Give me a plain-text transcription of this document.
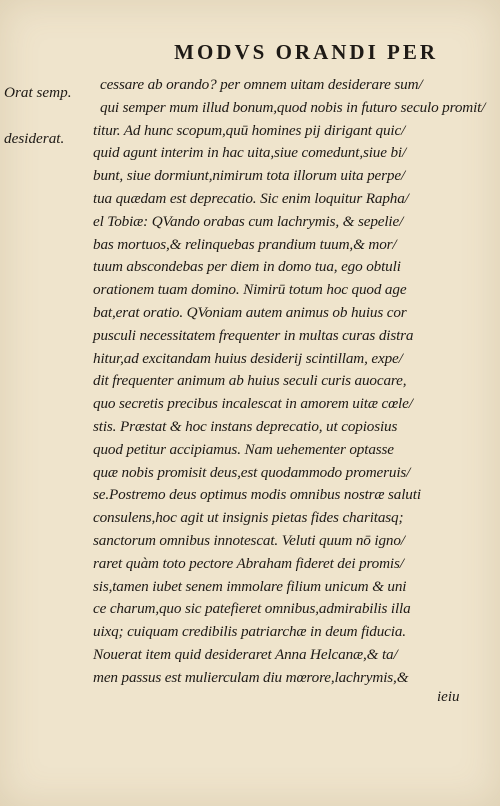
MODVS ORANDI PER
Orat semp.
desiderat.
cessare ab orando? per omnem uitam desiderare sum/
qui semper mum illud bonum,quod nobis in futuro seculo promit/
titur. Ad hunc scopum,quū homines pij dirigant quic/
quid agunt interim in hac uita,siue comedunt,siue bi/
bunt, siue dormiunt,nimirum tota illorum uita perpe/
tua quædam est deprecatio. Sic enim loquitur Rapha/
el Tobiæ: QVando orabas cum lachrymis, & sepelie/
bas mortuos,& relinquebas prandium tuum,& mor/
tuum abscondebas per diem in domo tua, ego obtuli
orationem tuam domino. Nimirū totum hoc quod age
bat,erat oratio. QVoniam autem animus ob huius cor
pusculi necessitatem frequenter in multas curas distra
hitur,ad excitandam huius desiderij scintillam, expe/
dit frequenter animum ab huius seculi curis auocare,
quo secretis precibus incalescat in amorem uitæ cœle/
stis. Præstat & hoc instans deprecatio, ut copiosius
quod petitur accipiamus. Nam uehementer optasse
quæ nobis promisit deus,est quodammodo promeruis/
se.Postremo deus optimus modis omnibus nostræ saluti
consulens,hoc agit ut insignis pietas fides charitasq;
sanctorum omnibus innotescat. Veluti quum nō igno/
raret quàm toto pectore Abraham fideret dei promis/
sis,tamen iubet senem immolare filium unicum & uni
ce charum,quo sic patefieret omnibus,admirabilis illa
uixq; cuiquam credibilis patriarchæ in deum fiducia.
Nouerat item quid desideraret Anna Helcanæ,& ta/
men passus est mulierculam diu mœrore,lachrymis,&
ieiu
